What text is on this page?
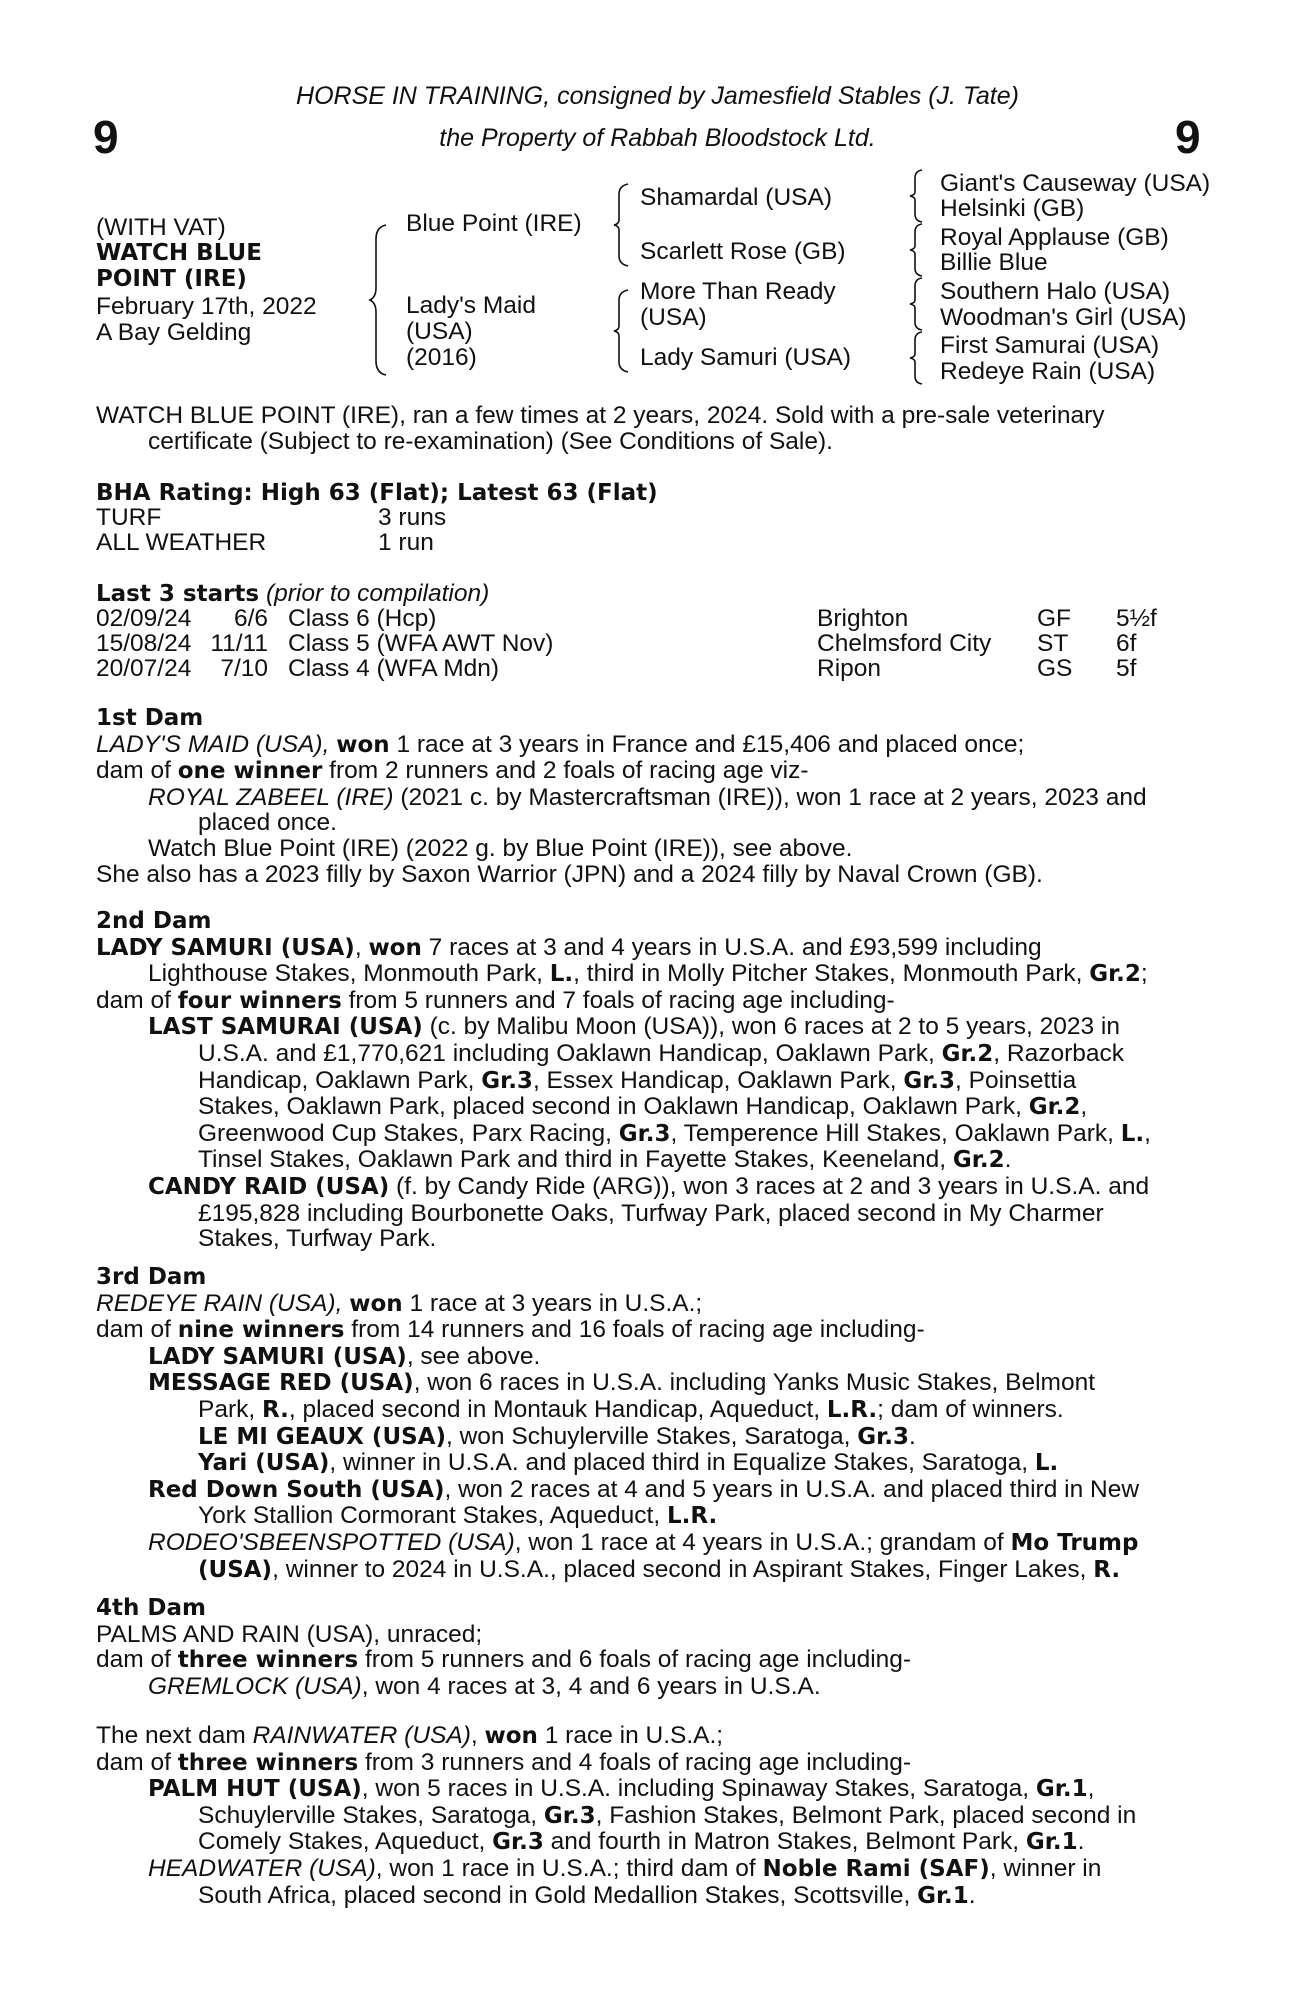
9	9
HORSE IN TRAINING, consigned by Jamesfield Stables (J. Tate)
the Property of Rabbah Bloodstock Ltd.
(WITH VAT)
WATCH BLUE
POINT (IRE)
February 17th, 2022
A Bay Gelding
Blue Point (IRE)
Lady's Maid
(USA)
(2016)
Shamardal (USA)
Scarlett Rose (GB)
More Than Ready
(USA)
Lady Samuri (USA)
Giant's Causeway (USA)
Helsinki (GB)
Royal Applause (GB)
Billie Blue
Southern Halo (USA)
Woodman's Girl (USA)
First Samurai (USA)
Redeye Rain (USA)
WATCH BLUE POINT (IRE), ran a few times at 2 years, 2024. Sold with a pre-sale veterinary
certificate (Subject to re-examination) (See Conditions of Sale).
BHA Rating: High 63 (Flat); Latest 63 (Flat)
TURF	3 runs
ALL WEATHER	1 run
Last 3 starts (prior to compilation)
02/09/24	6/6 Class 6 (Hcp)	Brighton	GF 5½f
15/08/24 11/11 Class 5 (WFA AWT Nov)	Chelmsford City ST 6f
20/07/24	7/10 Class 4 (WFA Mdn)	Ripon	GS 5f
1st Dam
LADY'S MAID (USA), won 1 race at 3 years in France and £15,406 and placed once;
dam of one winner from 2 runners and 2 foals of racing age viz-
ROYAL ZABEEL (IRE) (2021 c. by Mastercraftsman (IRE)), won 1 race at 2 years, 2023 and
placed once.
Watch Blue Point (IRE) (2022 g. by Blue Point (IRE)), see above.
She also has a 2023 filly by Saxon Warrior (JPN) and a 2024 filly by Naval Crown (GB).
2nd Dam
LADY SAMURI (USA), won 7 races at 3 and 4 years in U.S.A. and £93,599 including
Lighthouse Stakes, Monmouth Park, L., third in Molly Pitcher Stakes, Monmouth Park, Gr.2;
dam of four winners from 5 runners and 7 foals of racing age including-
LAST SAMURAI (USA) (c. by Malibu Moon (USA)), won 6 races at 2 to 5 years, 2023 in
U.S.A. and £1,770,621 including Oaklawn Handicap, Oaklawn Park, Gr.2, Razorback
Handicap, Oaklawn Park, Gr.3, Essex Handicap, Oaklawn Park, Gr.3, Poinsettia
Stakes, Oaklawn Park, placed second in Oaklawn Handicap, Oaklawn Park, Gr.2,
Greenwood Cup Stakes, Parx Racing, Gr.3, Temperence Hill Stakes, Oaklawn Park, L.,
Tinsel Stakes, Oaklawn Park and third in Fayette Stakes, Keeneland, Gr.2.
CANDY RAID (USA) (f. by Candy Ride (ARG)), won 3 races at 2 and 3 years in U.S.A. and
£195,828 including Bourbonette Oaks, Turfway Park, placed second in My Charmer
Stakes, Turfway Park.
3rd Dam
REDEYE RAIN (USA), won 1 race at 3 years in U.S.A.;
dam of nine winners from 14 runners and 16 foals of racing age including-
LADY SAMURI (USA), see above.
MESSAGE RED (USA), won 6 races in U.S.A. including Yanks Music Stakes, Belmont
Park, R., placed second in Montauk Handicap, Aqueduct, L.R.; dam of winners.
LE MI GEAUX (USA), won Schuylerville Stakes, Saratoga, Gr.3.
Yari (USA), winner in U.S.A. and placed third in Equalize Stakes, Saratoga, L.
Red Down South (USA), won 2 races at 4 and 5 years in U.S.A. and placed third in New
York Stallion Cormorant Stakes, Aqueduct, L.R.
RODEO'SBEENSPOTTED (USA), won 1 race at 4 years in U.S.A.; grandam of Mo Trump
(USA), winner to 2024 in U.S.A., placed second in Aspirant Stakes, Finger Lakes, R.
4th Dam
PALMS AND RAIN (USA), unraced;
dam of three winners from 5 runners and 6 foals of racing age including-
GREMLOCK (USA), won 4 races at 3, 4 and 6 years in U.S.A.
The next dam RAINWATER (USA), won 1 race in U.S.A.;
dam of three winners from 3 runners and 4 foals of racing age including-
PALM HUT (USA), won 5 races in U.S.A. including Spinaway Stakes, Saratoga, Gr.1,
Schuylerville Stakes, Saratoga, Gr.3, Fashion Stakes, Belmont Park, placed second in
Comely Stakes, Aqueduct, Gr.3 and fourth in Matron Stakes, Belmont Park, Gr.1.
HEADWATER (USA), won 1 race in U.S.A.; third dam of Noble Rami (SAF), winner in
South Africa, placed second in Gold Medallion Stakes, Scottsville, Gr.1.
